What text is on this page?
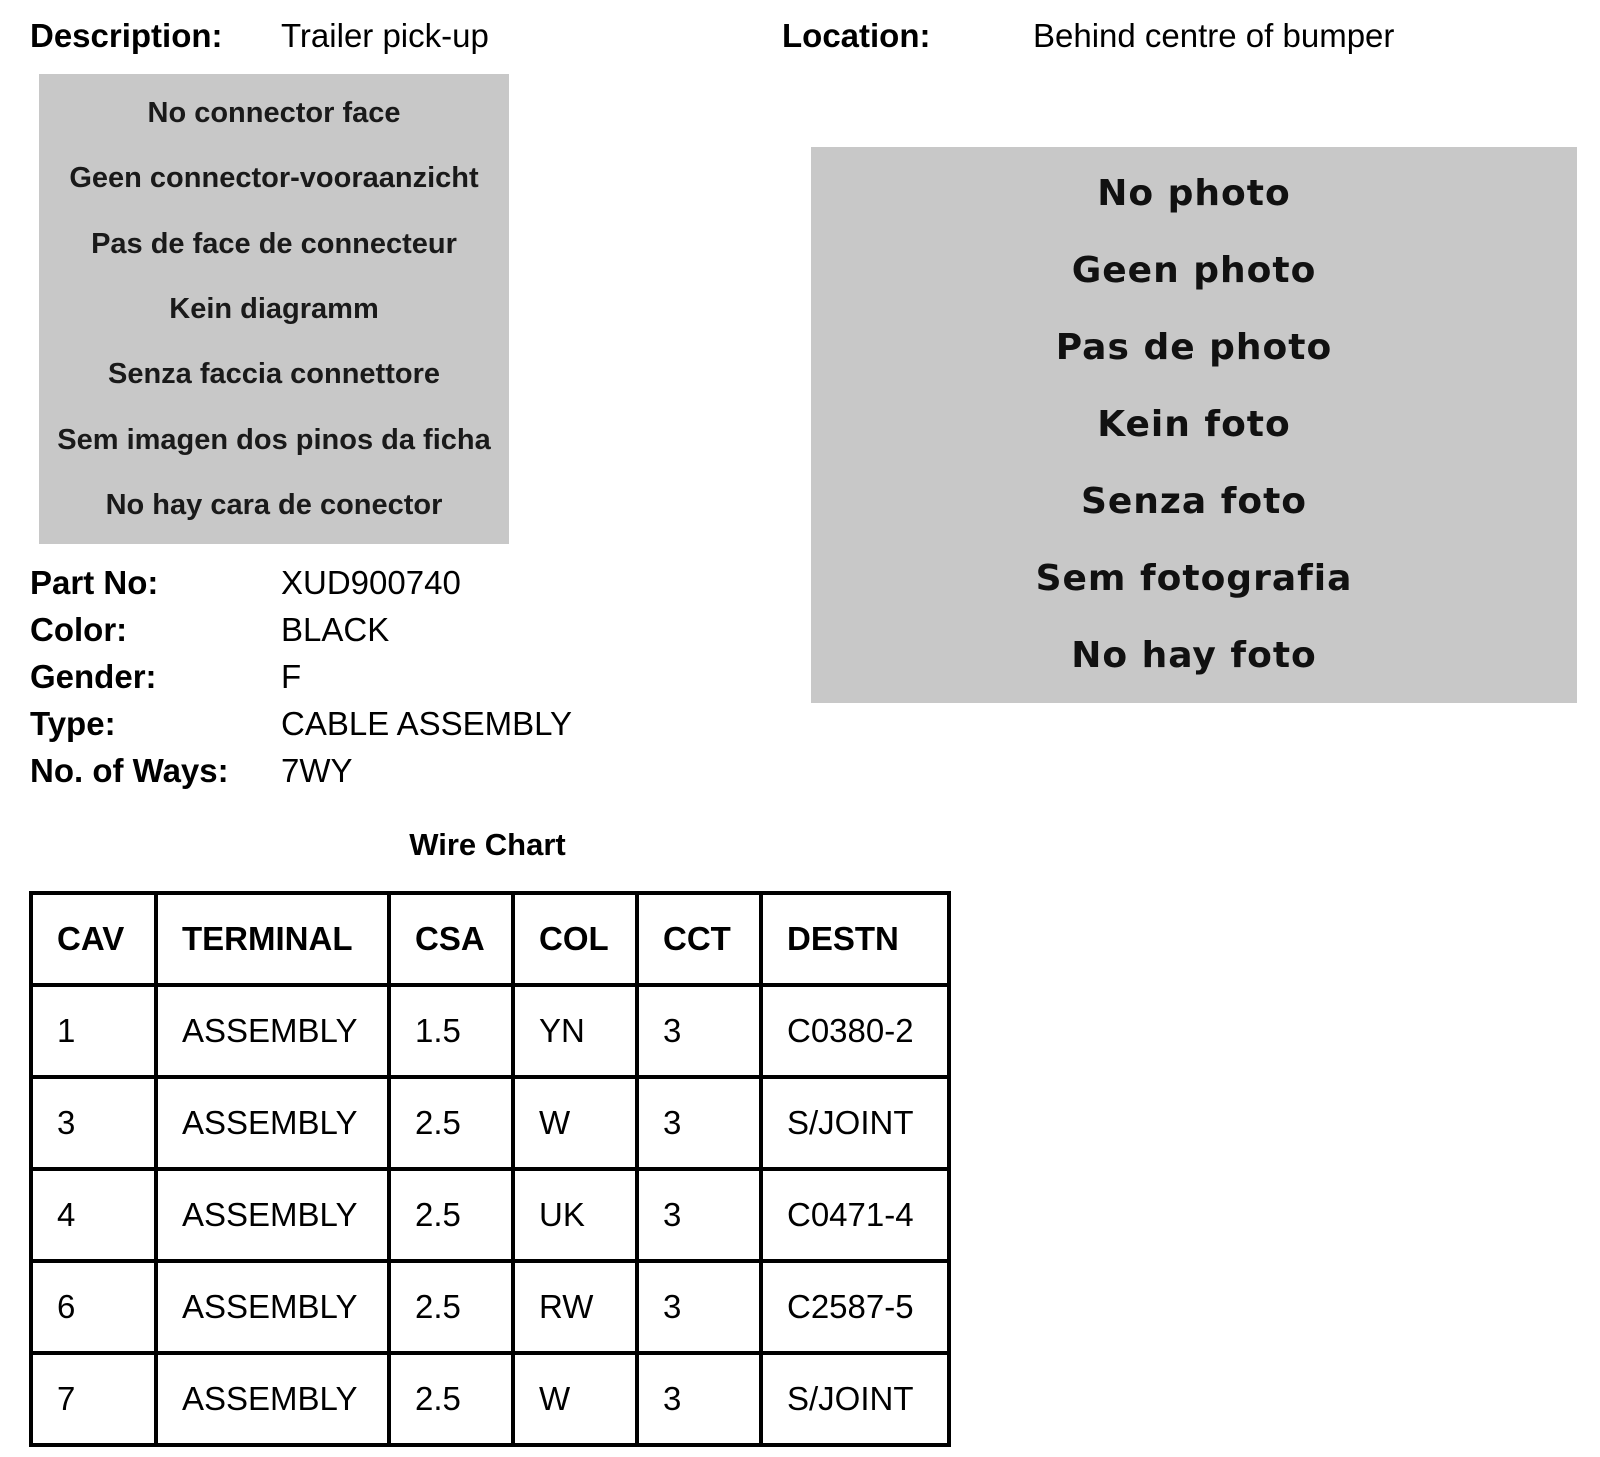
Description: Trailer pick-up	Location:	Behind centre of bumper
No connector face
Geen connector-vooraanzicht
Pas de face de connecteur
Kein diagramm
Senza faccia connettore
Sem imagen dos pinos da ficha
No hay cara de conector
No photo
Geen photo
Pas de photo
Kein foto
Senza foto
Sem fotografia
No hay foto
Part No:	XUD900740
Color:	BLACK
Gender:	F
Type:	CABLE ASSEMBLY
No. of Ways: 7WY
Wire Chart
CAV	TERMINAL	CSA	COL	CCT	DESTN
1	ASSEMBLY	1.5	YN	3	C0380-2
3	ASSEMBLY	2.5	W	3	S/JOINT
4	ASSEMBLY	2.5	UK	3	C0471-4
6	ASSEMBLY	2.5	RW	3	C2587-5
7	ASSEMBLY	2.5	W	3	S/JOINT
